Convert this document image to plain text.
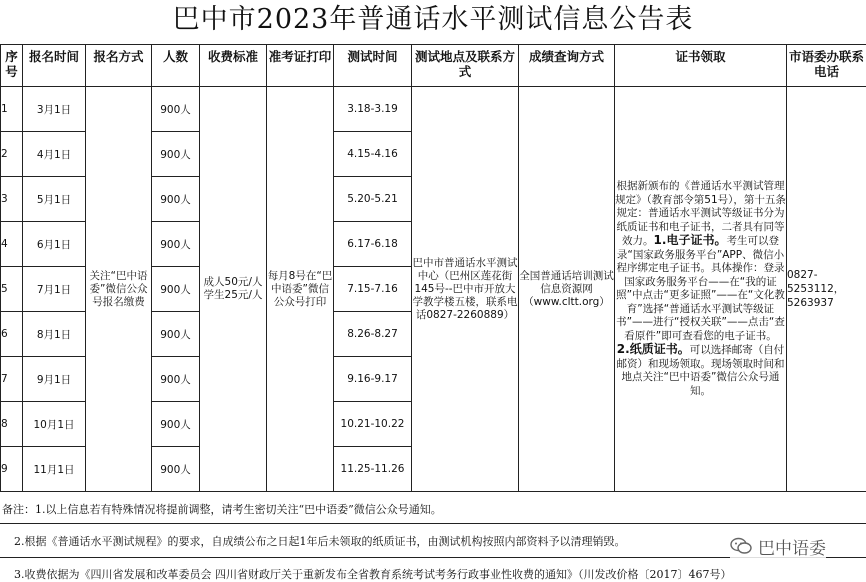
巴中市2023年普通话水平测试信息公告表
序号	报名时间	报名方式	人数	收费标准	准考证打印	测试时间	测试地点及联系方式	成绩查询方式	证书领取	市语委办联系电话
1	3月1日	关注“巴中语委”微信公众号报名缴费	900人	成人50元/人学生25元/人	每月8号在“巴中语委”微信公众号打印	3.18-3.19	巴中市普通话水平测试中心（巴州区莲花街145号--巴中市开放大学教学楼五楼，联系电话0827-2260889）	全国普通话培训测试信息资源网（www.cltt.org）	根据新颁布的《普通话水平测试管理规定》（教育部令第51号），第十五条规定：普通话水平测试等级证书分为纸质证书和电子证书，二者具有同等效力。1.电子证书。考生可以登录“国家政务服务平台”APP、微信小程序绑定电子证书。具体操作：登录国家政务服务平台——在“我的证照”中点击“更多证照”——在“文化教育”选择“普通话水平测试等级证书”——进行“授权关联”——点击“查看原件”即可查看您的电子证书。
2.纸质证书。可以选择邮寄（自付邮资）和现场领取。现场领取时间和地点关注“巴中语委”微信公众号通知。	0827-5253112，5263937
2	4月1日		900人			4.15-4.16				
3	5月1日		900人			5.20-5.21				
4	6月1日		900人			6.17-6.18				
5	7月1日		900人			7.15-7.16				
6	8月1日		900人			8.26-8.27				
7	9月1日		900人			9.16-9.17				
8	10月1日		900人			10.21-10.22				
9	11月1日		900人			11.25-11.26				
备注：1.以上信息若有特殊情况将提前调整，请考生密切关注“巴中语委”微信公众号通知。
2.根据《普通话水平测试规程》的要求，自成绩公布之日起1年后未领取的纸质证书，由测试机构按照内部资料予以清理销毁。
3.收费依据为《四川省发展和改革委员会 四川省财政厅关于重新发布全省教育系统考试考务行政事业性收费的通知》（川发改价格〔2017〕467号）
巴中语委
